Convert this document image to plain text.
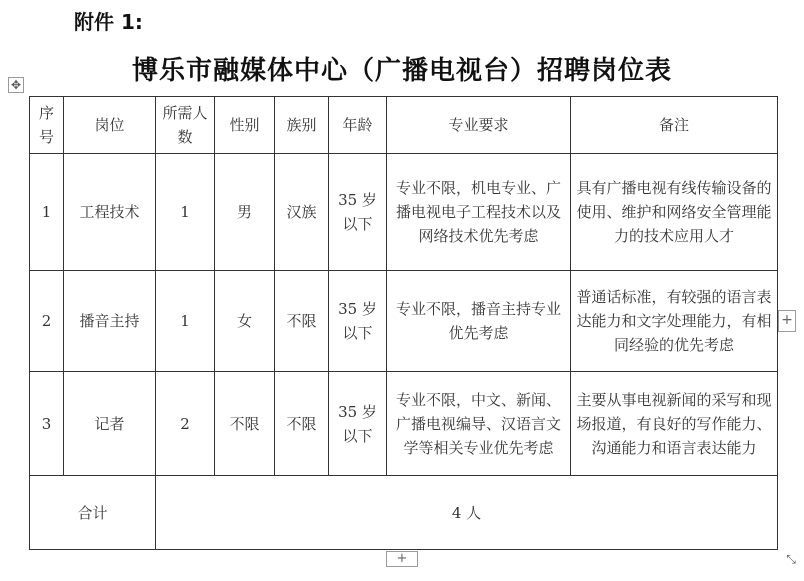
附件 1:
博乐市融媒体中心（广播电视台）招聘岗位表
✥
序号	岗位	所需人数	性别	族别	年龄	专业要求	备注
1	工程技术	1	男	汉族	35 岁以下	专业不限，机电专业、广播电视电子工程技术以及网络技术优先考虑	具有广播电视有线传输设备的使用、维护和网络安全管理能力的技术应用人才
2	播音主持	1	女	不限	35 岁以下	专业不限，播音主持专业优先考虑	普通话标准，有较强的语言表达能力和文字处理能力，有相同经验的优先考虑
3	记者	2	不限	不限	35 岁以下	专业不限，中文、新闻、广播电视编导、汉语言文学等相关专业优先考虑	主要从事电视新闻的采写和现场报道，有良好的写作能力、沟通能力和语言表达能力
合计		4 人					
+
+	⤡
